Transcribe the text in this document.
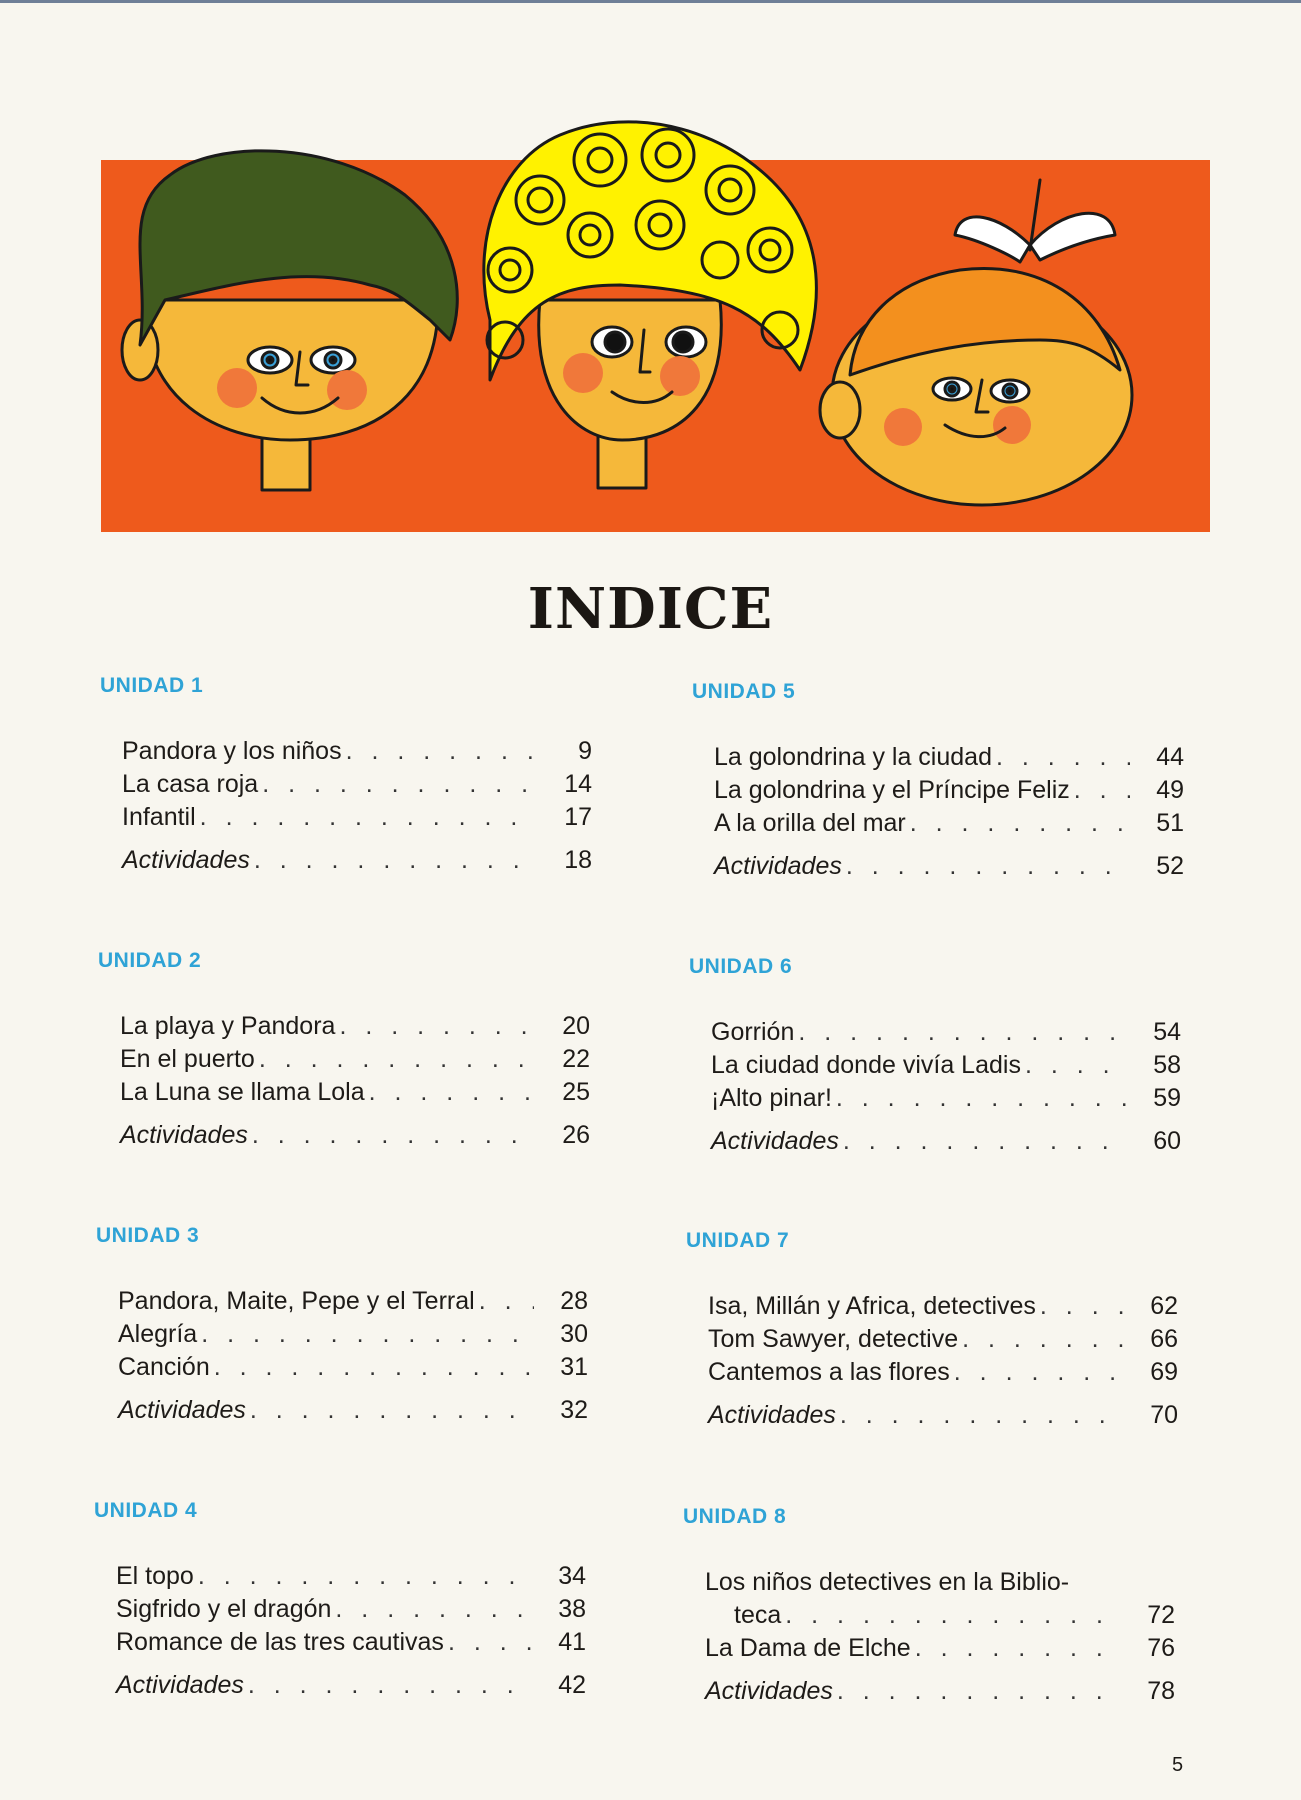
INDICE
UNIDAD 1
Pandora y los niños . . .	9
La casa roja . . .	14
Infantil . . .	17
Actividades . . .	18
UNIDAD 2
La playa y Pandora . . .	20
En el puerto . . .	22
La Luna se llama Lola . . .	25
Actividades . . .	26
UNIDAD 3
Pandora, Maite, Pepe y el Terral . . .	28
Alegría . . .	30
Canción . . .	31
Actividades . . .	32
UNIDAD 4
El topo . . .	34
Sigfrido y el dragón . . .	38
Romance de las tres cautivas . . .	41
Actividades . . .	42
UNIDAD 5
La golondrina y la ciudad . . .	44
La golondrina y el Príncipe Feliz . . .	49
A la orilla del mar . . .	51
Actividades . . .	52
UNIDAD 6
Gorrión . . .	54
La ciudad donde vivía Ladis . . .	58
¡Alto pinar! . . .	59
Actividades . . .	60
UNIDAD 7
Isa, Millán y Africa, detectives . . .	62
Tom Sawyer, detective . . .	66
Cantemos a las flores . . .	69
Actividades . . .	70
UNIDAD 8
Los niños detectives en la Biblio-
teca . . .	72
La Dama de Elche . . .	76
Actividades . . .	78
5
